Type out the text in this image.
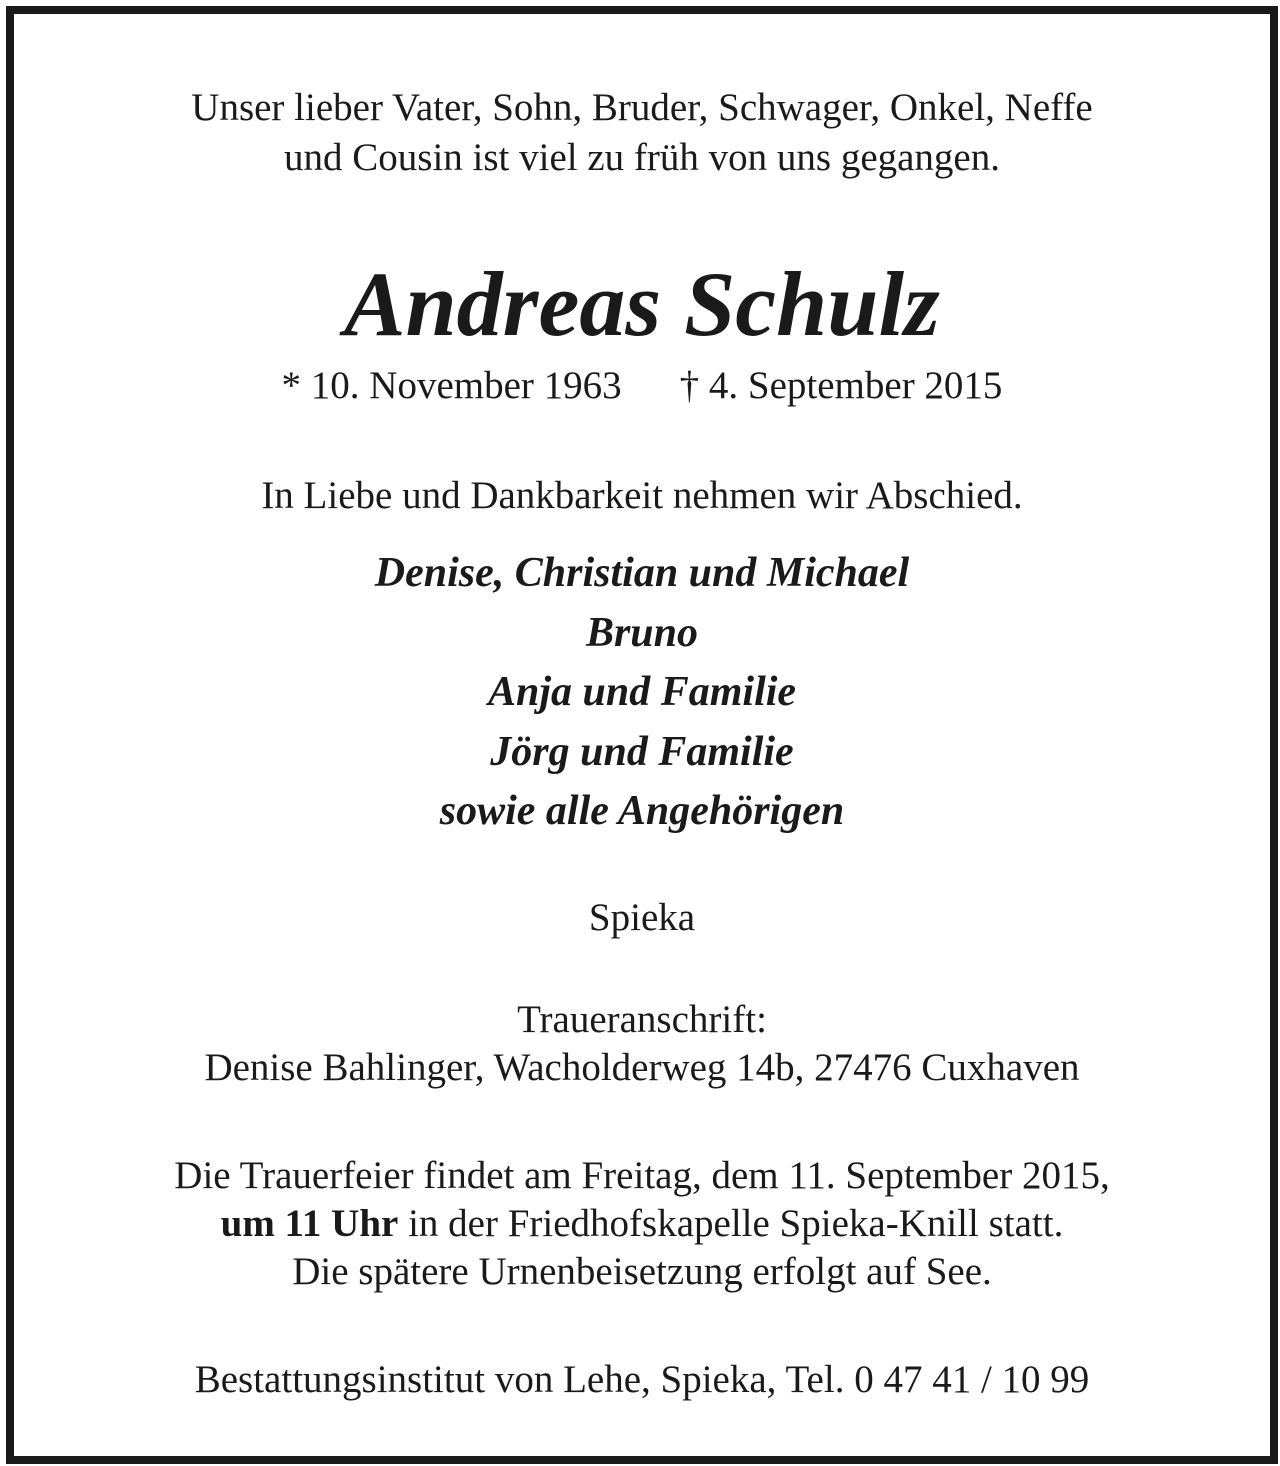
Unser lieber Vater, Sohn, Bruder, Schwager, Onkel, Neffe
und Cousin ist viel zu früh von uns gegangen.
Andreas Schulz
* 10. November 1963 † 4. September 2015
In Liebe und Dankbarkeit nehmen wir Abschied.
Denise, Christian und Michael
Bruno
Anja und Familie
Jörg und Familie
sowie alle Angehörigen
Spieka
Traueranschrift:
Denise Bahlinger, Wacholderweg 14b, 27476 Cuxhaven
Die Trauerfeier findet am Freitag, dem 11. September 2015,
um 11 Uhr in der Friedhofskapelle Spieka-Knill statt.
Die spätere Urnenbeisetzung erfolgt auf See.
Bestattungsinstitut von Lehe, Spieka, Tel. 0 47 41 / 10 99
